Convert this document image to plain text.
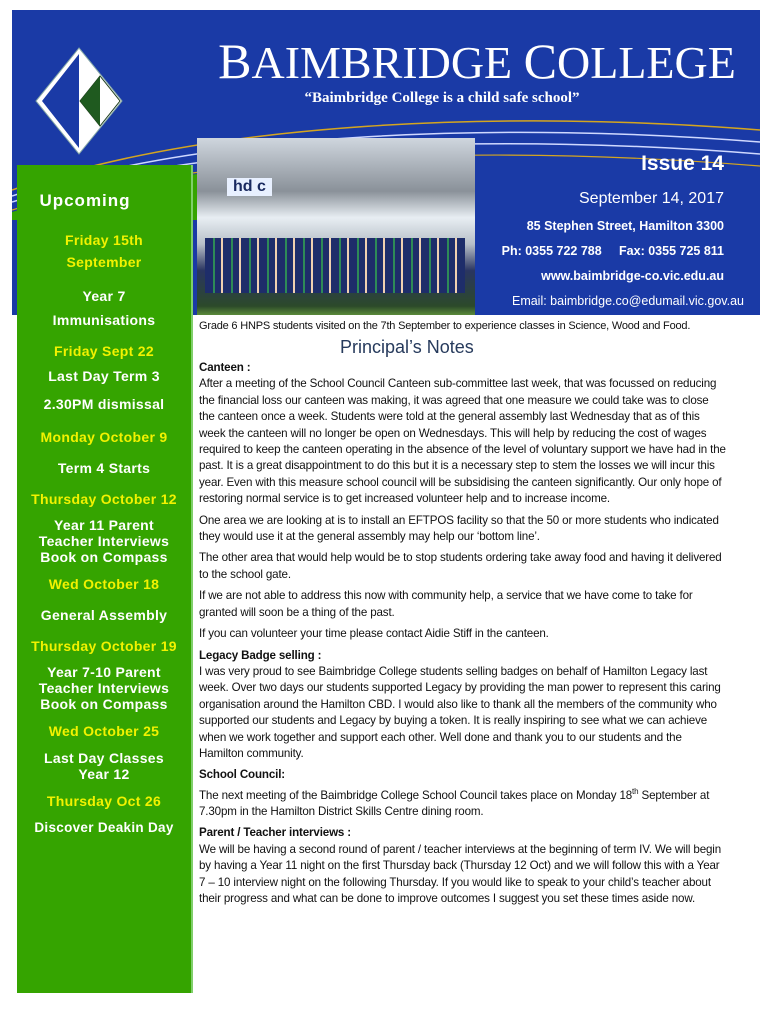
BAIMBRIDGE COLLEGE
“Baimbridge College is a child safe school”
hd c
Issue 14
September 14, 2017
85 Stephen Street, Hamilton 3300
Ph: 0355 722 788     Fax: 0355 725 811
www.baimbridge-co.vic.edu.au
Email: baimbridge.co@edumail.vic.gov.au
Upcoming
Friday 15th September
Year 7 Immunisations
Friday Sept 22
Last Day Term 3 2.30PM dismissal
Monday October 9
Term 4 Starts
Thursday October 12
Year 11 Parent Teacher Interviews Book on Compass
Wed October 18
General Assembly
Thursday October 19
Year 7-10 Parent Teacher Interviews Book on Compass
Wed October 25
Last Day Classes Year 12
Thursday Oct 26
Discover Deakin Day
Grade 6 HNPS students visited on the 7th September to experience classes in Science, Wood and Food.
Principal’s Notes

Canteen :

After a meeting of the School Council Canteen sub-committee last week, that was focussed on reducing the financial loss our canteen was making, it was agreed that one measure we could take was to close the canteen once a week. Students were told at the general assembly last Wednesday that as of this week the canteen will no longer be open on Wednesdays. This will help by reducing the cost of wages required to keep the canteen operating in the absence of the level of voluntary support we have had in the past. It is a great disappointment to do this but it is a necessary step to stem the losses we will incur this year. Even with this measure school council will be subsidising the canteen significantly. Our only hope of restoring normal service is to get increased volunteer help and to increase income.

One area we are looking at is to install an EFTPOS facility so that the 50 or more students who indicated they would use it at the general assembly may help our ‘bottom line’.

The other area that would help would be to stop students ordering take away food and having it delivered to the school gate.

If we are not able to address this now with community help, a service that we have come to take for granted will soon be a thing of the past.

If you can volunteer your time please contact Aidie Stiff in the canteen.

Legacy Badge selling :

I was very proud to see Baimbridge College students selling badges on behalf of Hamilton Legacy last week. Over two days our students supported Legacy by providing the man power to represent this caring organisation around the Hamilton CBD. I would also like to thank all the members of the community who supported our students and Legacy by buying a token. It is really inspiring to see what we can achieve when we work together and support each other. Well done and thank you to our students and the Hamilton community.

School Council:

The next meeting of the Baimbridge College School Council takes place on Monday 18th September at 7.30pm in the Hamilton District Skills Centre dining room.

Parent / Teacher interviews :

We will be having a second round of parent / teacher interviews at the beginning of term IV. We will begin by having a Year 11 night on the first Thursday back (Thursday 12 Oct) and we will follow this with a Year 7 – 10 interview night on the following Thursday. If you would like to speak to your child’s teacher about their progress and what can be done to improve outcomes I suggest you set these times aside now.
